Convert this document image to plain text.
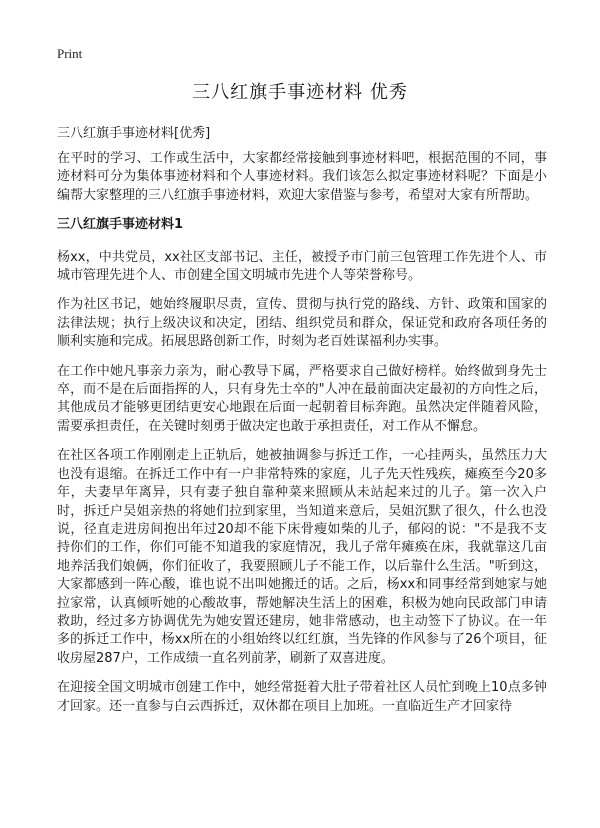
Print
三八红旗手事迹材料 优秀
三八红旗手事迹材料[优秀]

在平时的学习、工作或生活中，大家都经常接触到事迹材料吧，根据范围的不同，事迹材料可分为集体事迹材料和个人事迹材料。我们该怎么拟定事迹材料呢？下面是小编帮大家整理的三八红旗手事迹材料，欢迎大家借鉴与参考，希望对大家有所帮助。

三八红旗手事迹材料1

杨xx，中共党员，xx社区支部书记、主任，被授予市门前三包管理工作先进个人、市城市管理先进个人、市创建全国文明城市先进个人等荣誉称号。

作为社区书记，她始终履职尽责，宣传、贯彻与执行党的路线、方针、政策和国家的法律法规；执行上级决议和决定，团结、组织党员和群众，保证党和政府各项任务的顺利实施和完成。拓展思路创新工作，时刻为老百姓谋福利办实事。

在工作中她凡事亲力亲为，耐心教导下属，严格要求自己做好榜样。始终做到身先士卒，而不是在后面指挥的人，只有身先士卒的"人冲在最前面决定最初的方向性之后，其他成员才能够更团结更安心地跟在后面一起朝着目标奔跑。虽然决定伴随着风险，需要承担责任，在关键时刻勇于做决定也敢于承担责任，对工作从不懈怠。

在社区各项工作刚刚走上正轨后，她被抽调参与拆迁工作，一心挂两头，虽然压力大也没有退缩。在拆迁工作中有一户非常特殊的家庭，儿子先天性残疾，瘫痪至今20多年，夫妻早年离异，只有妻子独自靠种菜来照顾从未站起来过的儿子。第一次入户时，拆迁户吴姐亲热的将她们拉到家里，当知道来意后，吴姐沉默了很久，什么也没说，径直走进房间抱出年过20却不能下床骨瘦如柴的儿子，郁闷的说："不是我不支持你们的工作，你们可能不知道我的家庭情况，我儿子常年瘫痪在床，我就靠这几亩地养活我们娘俩，你们征收了，我要照顾儿子不能工作，以后靠什么生活。"听到这，大家都感到一阵心酸，谁也说不出叫她搬迁的话。之后，杨xx和同事经常到她家与她拉家常，认真倾听她的心酸故事，帮她解决生活上的困难，积极为她向民政部门申请救助，经过多方协调优先为她安置还建房，她非常感动，也主动签下了协议。在一年多的拆迁工作中，杨xx所在的小组始终以红红旗，当先锋的作风参与了26个项目，征收房屋287户，工作成绩一直名列前茅，刷新了双喜进度。

在迎接全国文明城市创建工作中，她经常挺着大肚子带着社区人员忙到晚上10点多钟才回家。还一直参与白云西拆迁，双休都在项目上加班。一直临近生产才回家待
